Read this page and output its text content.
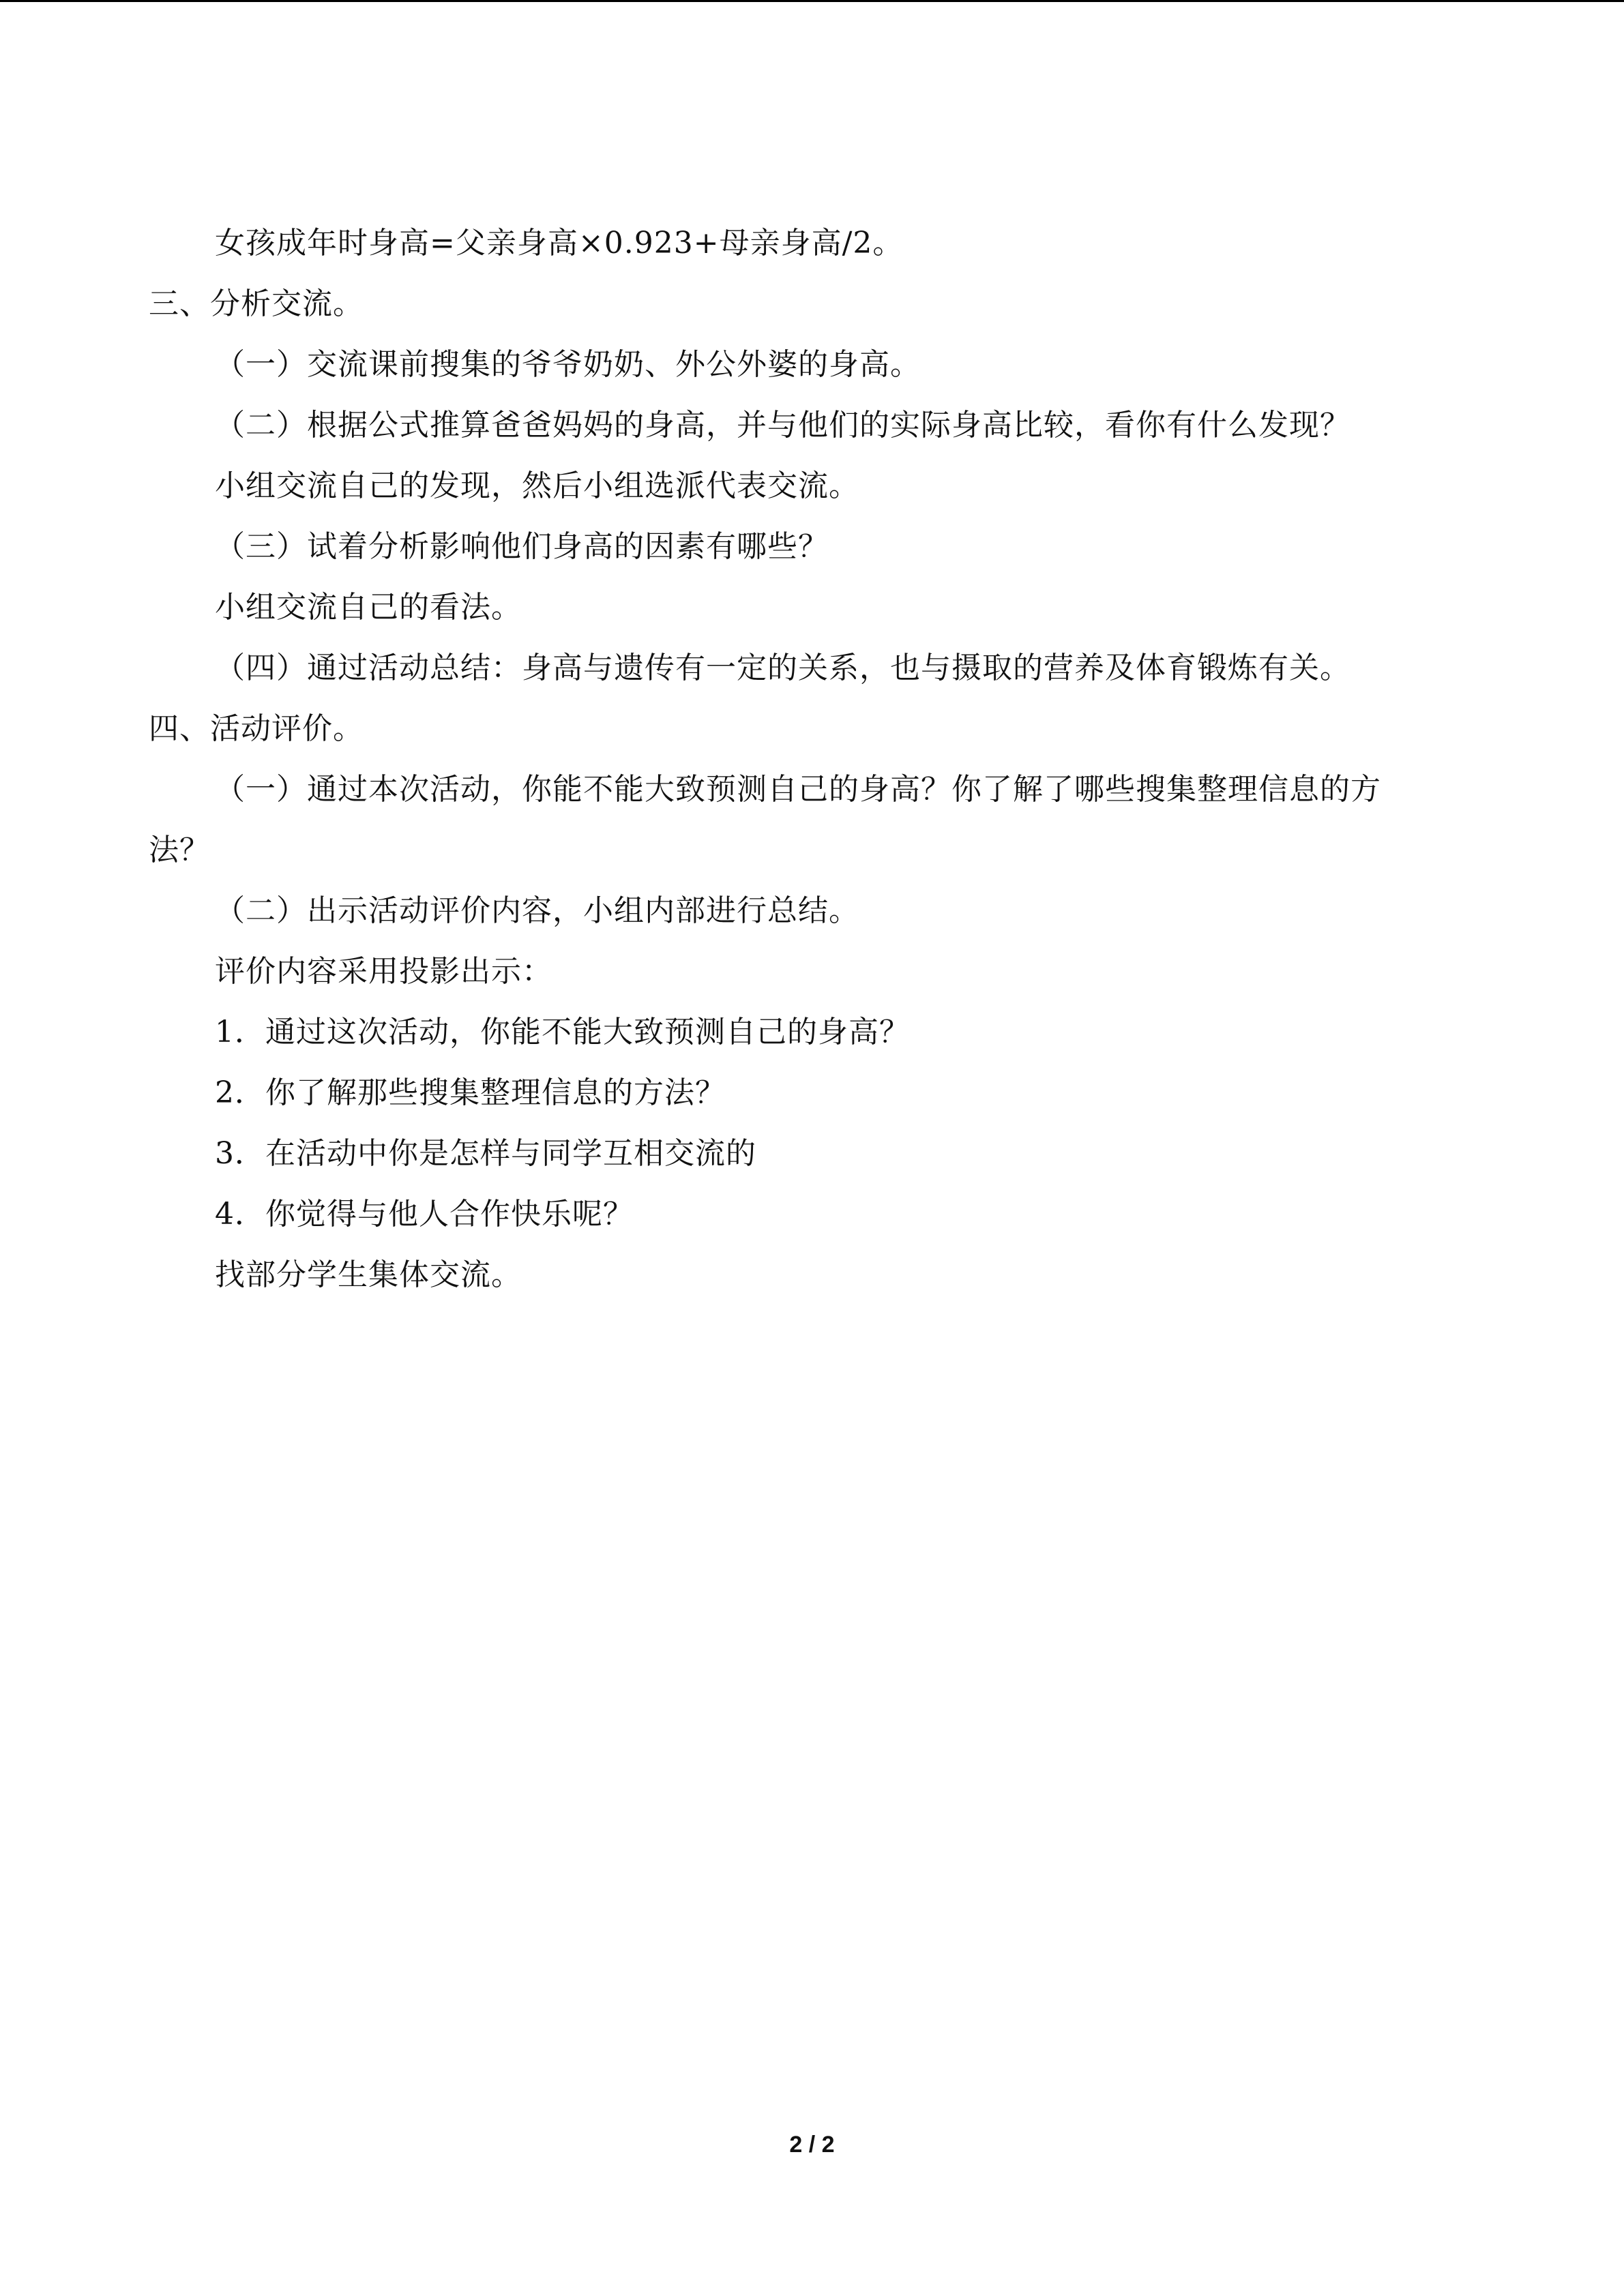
女孩成年时身高=父亲身高×0.923+母亲身高/2。
三、分析交流。
（一）交流课前搜集的爷爷奶奶、外公外婆的身高。
（二）根据公式推算爸爸妈妈的身高，并与他们的实际身高比较，看你有什么发现？
小组交流自己的发现，然后小组选派代表交流。
（三）试着分析影响他们身高的因素有哪些？
小组交流自己的看法。
（四）通过活动总结：身高与遗传有一定的关系，也与摄取的营养及体育锻炼有关。
四、活动评价。
（一）通过本次活动，你能不能大致预测自己的身高？你了解了哪些搜集整理信息的方
法？
（二）出示活动评价内容，小组内部进行总结。
评价内容采用投影出示：
1．通过这次活动，你能不能大致预测自己的身高？
2．你了解那些搜集整理信息的方法？
3．在活动中你是怎样与同学互相交流的
4．你觉得与他人合作快乐呢？
找部分学生集体交流。
2 / 2
